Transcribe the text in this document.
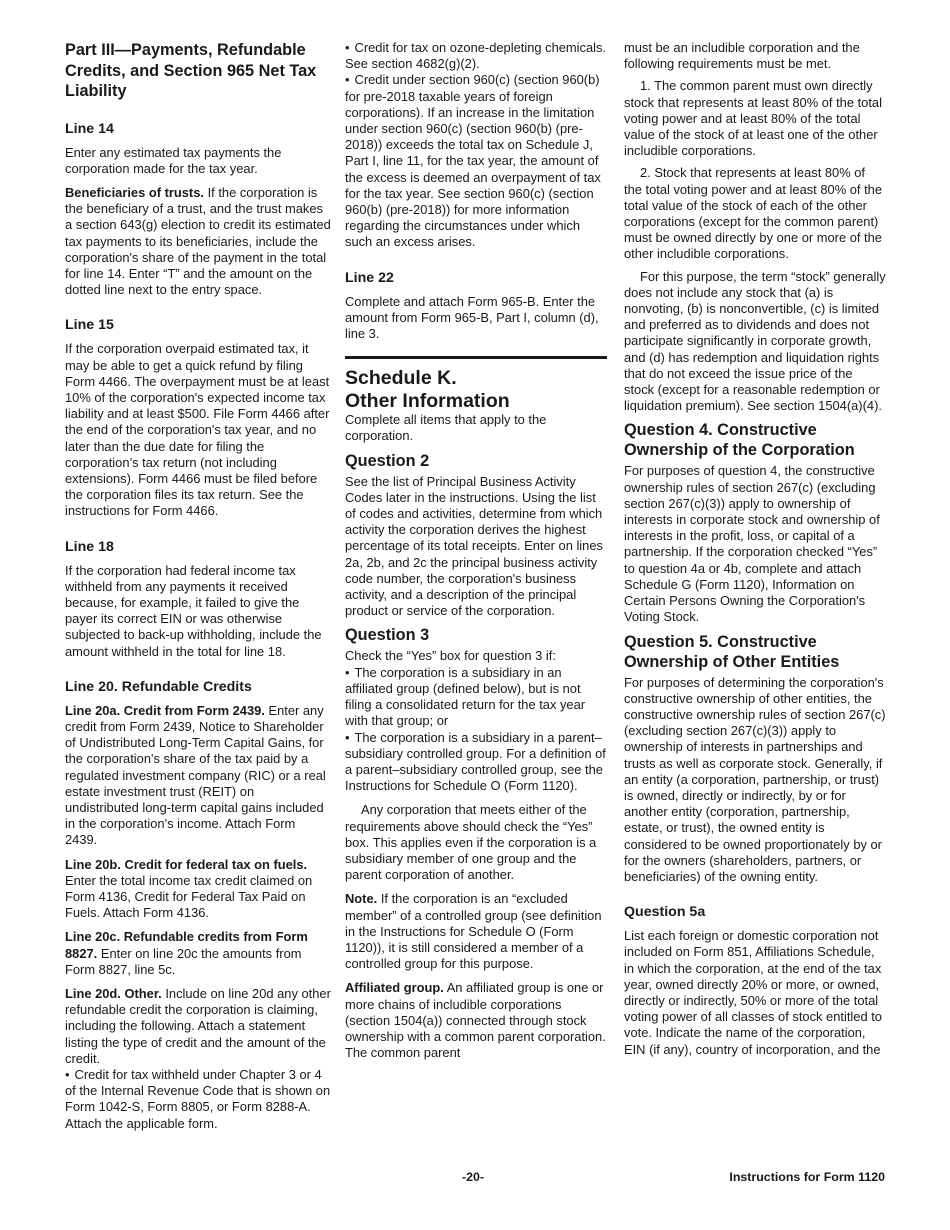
Part III—Payments, Refundable Credits, and Section 965 Net Tax Liability
Line 14

Enter any estimated tax payments the corporation made for the tax year.

Beneficiaries of trusts. If the corporation is the beneficiary of a trust, and the trust makes a section 643(g) election to credit its estimated tax payments to its beneficiaries, include the corporation's share of the payment in the total for line 14. Enter “T” and the amount on the dotted line next to the entry space.

Line 15

If the corporation overpaid estimated tax, it may be able to get a quick refund by filing Form 4466. The overpayment must be at least 10% of the corporation's expected income tax liability and at least $500. File Form 4466 after the end of the corporation's tax year, and no later than the due date for filing the corporation’s tax return (not including extensions). Form 4466 must be filed before the corporation files its tax return. See the instructions for Form 4466.

Line 18

If the corporation had federal income tax withheld from any payments it received because, for example, it failed to give the payer its correct EIN or was otherwise subjected to back-up withholding, include the amount withheld in the total for line 18.

Line 20. Refundable Credits

Line 20a. Credit from Form 2439. Enter any credit from Form 2439, Notice to Shareholder of Undistributed Long-Term Capital Gains, for the corporation's share of the tax paid by a regulated investment company (RIC) or a real estate investment trust (REIT) on undistributed long-term capital gains included in the corporation's income. Attach Form 2439.

Line 20b. Credit for federal tax on fuels. Enter the total income tax credit claimed on Form 4136, Credit for Federal Tax Paid on Fuels. Attach Form 4136.

Line 20c. Refundable credits from Form 8827. Enter on line 20c the amounts from Form 8827, line 5c.

Line 20d. Other. Include on line 20d any other refundable credit the corporation is claiming, including the following. Attach a statement listing the type of credit and the amount of the credit.

• Credit for tax withheld under Chapter 3 or 4 of the Internal Revenue Code that is shown on Form 1042-S, Form 8805, or Form 8288-A. Attach the applicable form.

• Credit for tax on ozone-depleting chemicals. See section 4682(g)(2).

• Credit under section 960(c) (section 960(b) for pre-2018 taxable years of foreign corporations). If an increase in the limitation under section 960(c) (section 960(b) (pre-2018)) exceeds the total tax on Schedule J, Part I, line 11, for the tax year, the amount of the excess is deemed an overpayment of tax for the tax year. See section 960(c) (section 960(b) (pre-2018)) for more information regarding the circumstances under which such an excess arises.

Line 22

Complete and attach Form 965-B. Enter the amount from Form 965-B, Part I, column (d), line 3.

Schedule K.
Other Information

Complete all items that apply to the corporation.

Question 2

See the list of Principal Business Activity Codes later in the instructions. Using the list of codes and activities, determine from which activity the corporation derives the highest percentage of its total receipts. Enter on lines 2a, 2b, and 2c the principal business activity code number, the corporation's business activity, and a description of the principal product or service of the corporation.

Question 3

Check the “Yes” box for question 3 if:

• The corporation is a subsidiary in an affiliated group (defined below), but is not filing a consolidated return for the tax year with that group; or

• The corporation is a subsidiary in a parent–subsidiary controlled group. For a definition of a parent–subsidiary controlled group, see the Instructions for Schedule O (Form 1120).

Any corporation that meets either of the requirements above should check the “Yes” box. This applies even if the corporation is a subsidiary member of one group and the parent corporation of another.

Note. If the corporation is an “excluded member” of a controlled group (see definition in the Instructions for Schedule O (Form 1120)), it is still considered a member of a controlled group for this purpose.

Affiliated group. An affiliated group is one or more chains of includible corporations (section 1504(a)) connected through stock ownership with a common parent corporation. The common parent

must be an includible corporation and the following requirements must be met.

1. The common parent must own directly stock that represents at least 80% of the total voting power and at least 80% of the total value of the stock of at least one of the other includible corporations.

2. Stock that represents at least 80% of the total voting power and at least 80% of the total value of the stock of each of the other corporations (except for the common parent) must be owned directly by one or more of the other includible corporations.

For this purpose, the term “stock” generally does not include any stock that (a) is nonvoting, (b) is nonconvertible, (c) is limited and preferred as to dividends and does not participate significantly in corporate growth, and (d) has redemption and liquidation rights that do not exceed the issue price of the stock (except for a reasonable redemption or liquidation premium). See section 1504(a)(4).

Question 4. Constructive Ownership of the Corporation

For purposes of question 4, the constructive ownership rules of section 267(c) (excluding section 267(c)(3)) apply to ownership of interests in corporate stock and ownership of interests in the profit, loss, or capital of a partnership. If the corporation checked “Yes” to question 4a or 4b, complete and attach Schedule G (Form 1120), Information on Certain Persons Owning the Corporation's Voting Stock.

Question 5. Constructive Ownership of Other Entities

For purposes of determining the corporation's constructive ownership of other entities, the constructive ownership rules of section 267(c) (excluding section 267(c)(3)) apply to ownership of interests in partnerships and trusts as well as corporate stock. Generally, if an entity (a corporation, partnership, or trust) is owned, directly or indirectly, by or for another entity (corporation, partnership, estate, or trust), the owned entity is considered to be owned proportionately by or for the owners (shareholders, partners, or beneficiaries) of the owning entity.

Question 5a

List each foreign or domestic corporation not included on Form 851, Affiliations Schedule, in which the corporation, at the end of the tax year, owned directly 20% or more, or owned, directly or indirectly, 50% or more of the total voting power of all classes of stock entitled to vote. Indicate the name of the corporation, EIN (if any), country of incorporation, and the

-20-	Instructions for Form 1120
